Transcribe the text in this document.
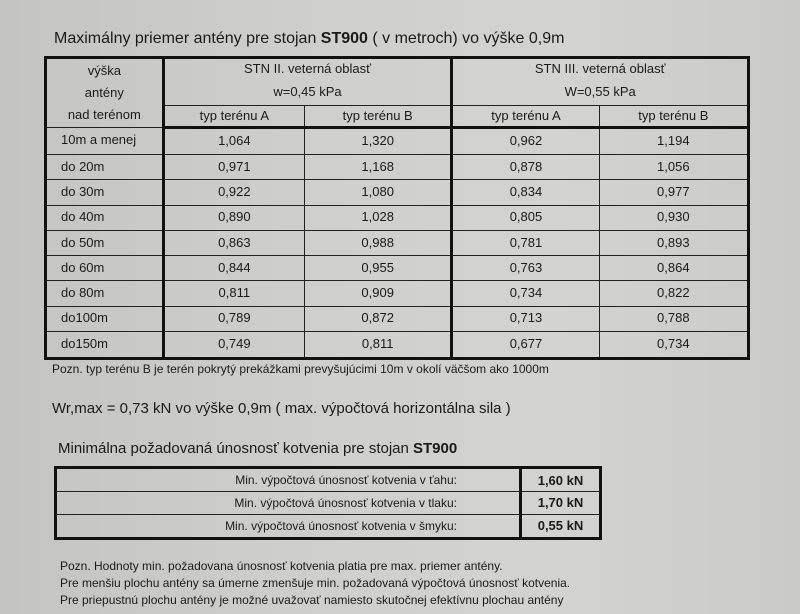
Maximálny priemer antény pre stojan ST900 ( v metroch) vo výške 0,9m
výška
antény
nad terénom	STN II. veterná oblasť		STN III. veterná oblasť	
	w=0,45 kPa		W=0,55 kPa	
	typ terénu A	typ terénu B	typ terénu A	typ terénu B
10m a menej	1,064	1,320	0,962	1,194
do 20m	0,971	1,168	0,878	1,056
do 30m	0,922	1,080	0,834	0,977
do 40m	0,890	1,028	0,805	0,930
do 50m	0,863	0,988	0,781	0,893
do 60m	0,844	0,955	0,763	0,864
do 80m	0,811	0,909	0,734	0,822
do100m	0,789	0,872	0,713	0,788
do150m	0,749	0,811	0,677	0,734
Pozn. typ terénu B je terén pokrytý prekážkami prevyšujúcimi 10m v okolí väčšom ako 1000m
Wr,max = 0,73 kN vo výške 0,9m ( max. výpočtová horizontálna sila )
Minimálna požadovaná únosnosť kotvenia pre stojan ST900
Min. výpočtová únosnosť kotvenia v ťahu:	1,60 kN
Min. výpočtová únosnosť kotvenia v tlaku:	1,70 kN
Min. výpočtová únosnosť kotvenia v šmyku:	0,55 kN
Pozn. Hodnoty min. požadovana únosnosť kotvenia platia pre max. priemer antény.
Pre menšiu plochu antény sa úmerne zmenšuje min. požadovaná výpočtová únosnosť kotvenia.
Pre priepustnú plochu antény je možné uvažovať namiesto skutočnej efektívnu plochau antény
